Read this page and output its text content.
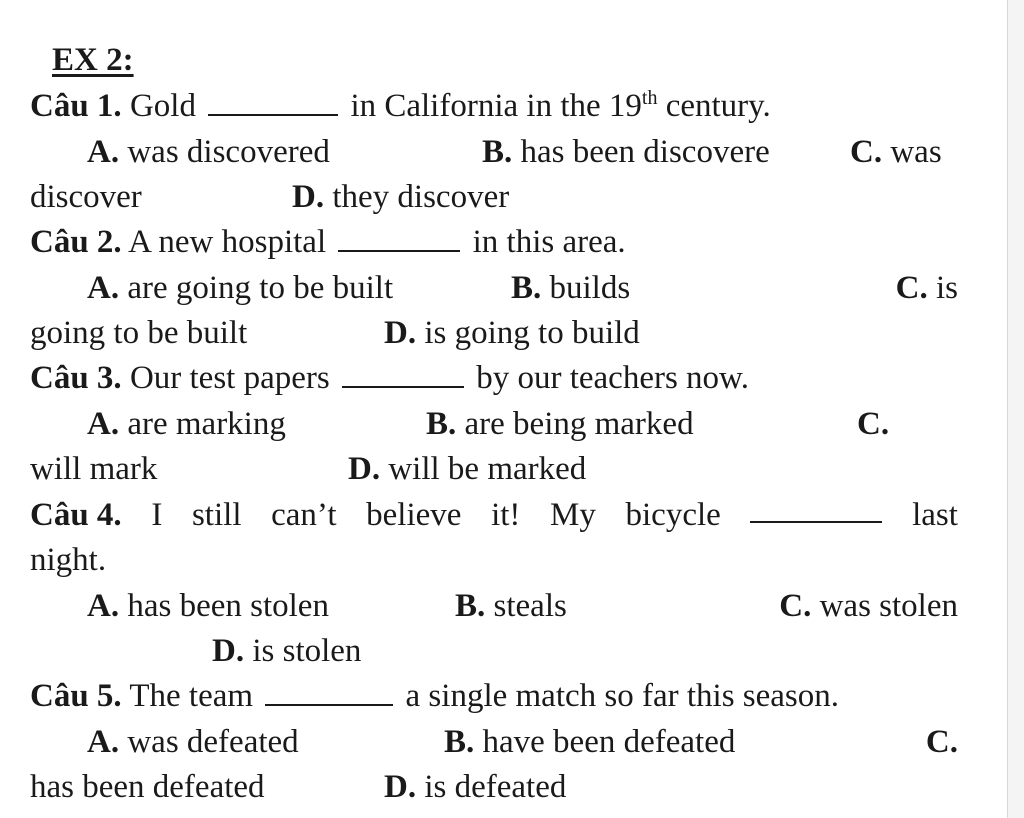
EX 2:
Câu 1. Gold	in California in the 19th century.
A. was discovered	B. has been discovere C. was
discover	D. they discover
Câu 2. A new hospital	in this area.
A. are going to be built	B. builds	C. is
going to be built	D. is going to build
Câu 3. Our test papers	by our teachers now.
A. are marking	B. are being marked	C.
will mark	D. will be marked
Câu 4. I still can’t believe it! My bicycle	last
night.
A. has been stolen	B. steals	C. was stolen
D. is stolen
Câu 5. The team	a single match so far this season.
A. was defeated	B. have been defeated	C.
has been defeated	D. is defeated
